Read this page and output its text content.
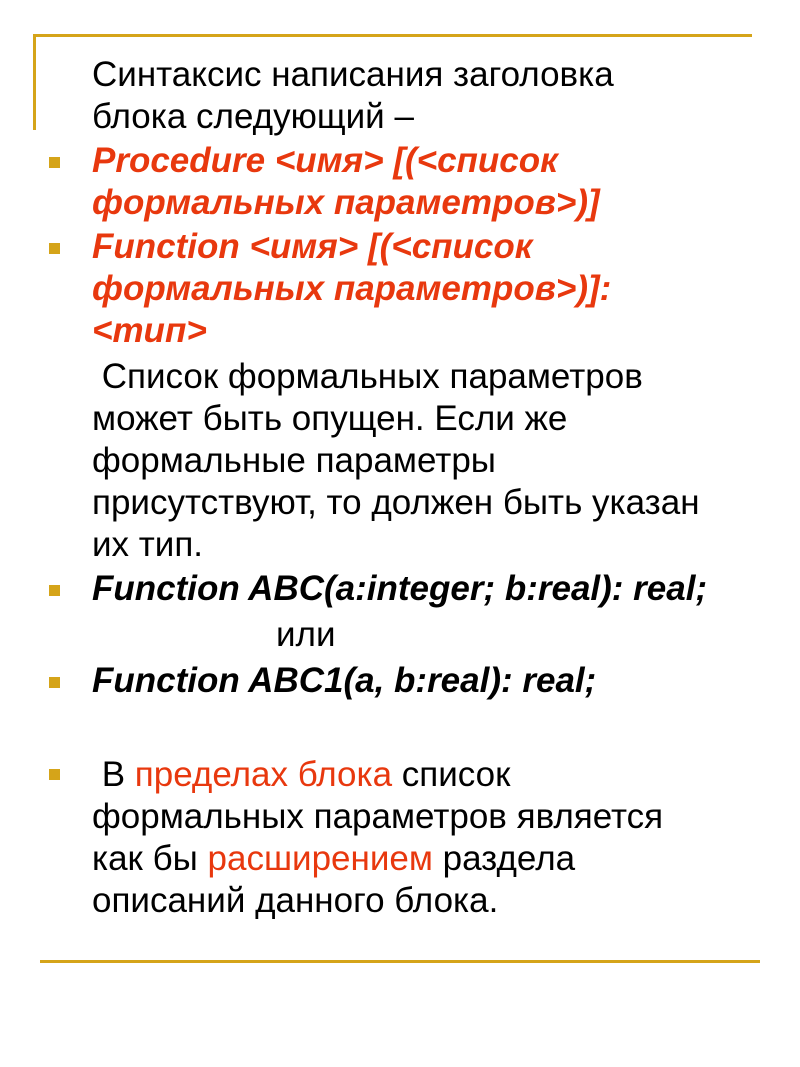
Синтаксис написания заголовка
блока следующий –
Procedure <имя> [(<список
формальных параметров>)]
Function <имя> [(<список
формальных параметров>)]:
<тип>
Список формальных параметров
может быть опущен. Если же
формальные параметры
присутствуют, то должен быть указан
их тип.
Function ABC(a:integer; b:real): real;
или
Function ABC1(a, b:real): real;
В пределах блока список
формальных параметров является
как бы расширением раздела
описаний данного блока.
